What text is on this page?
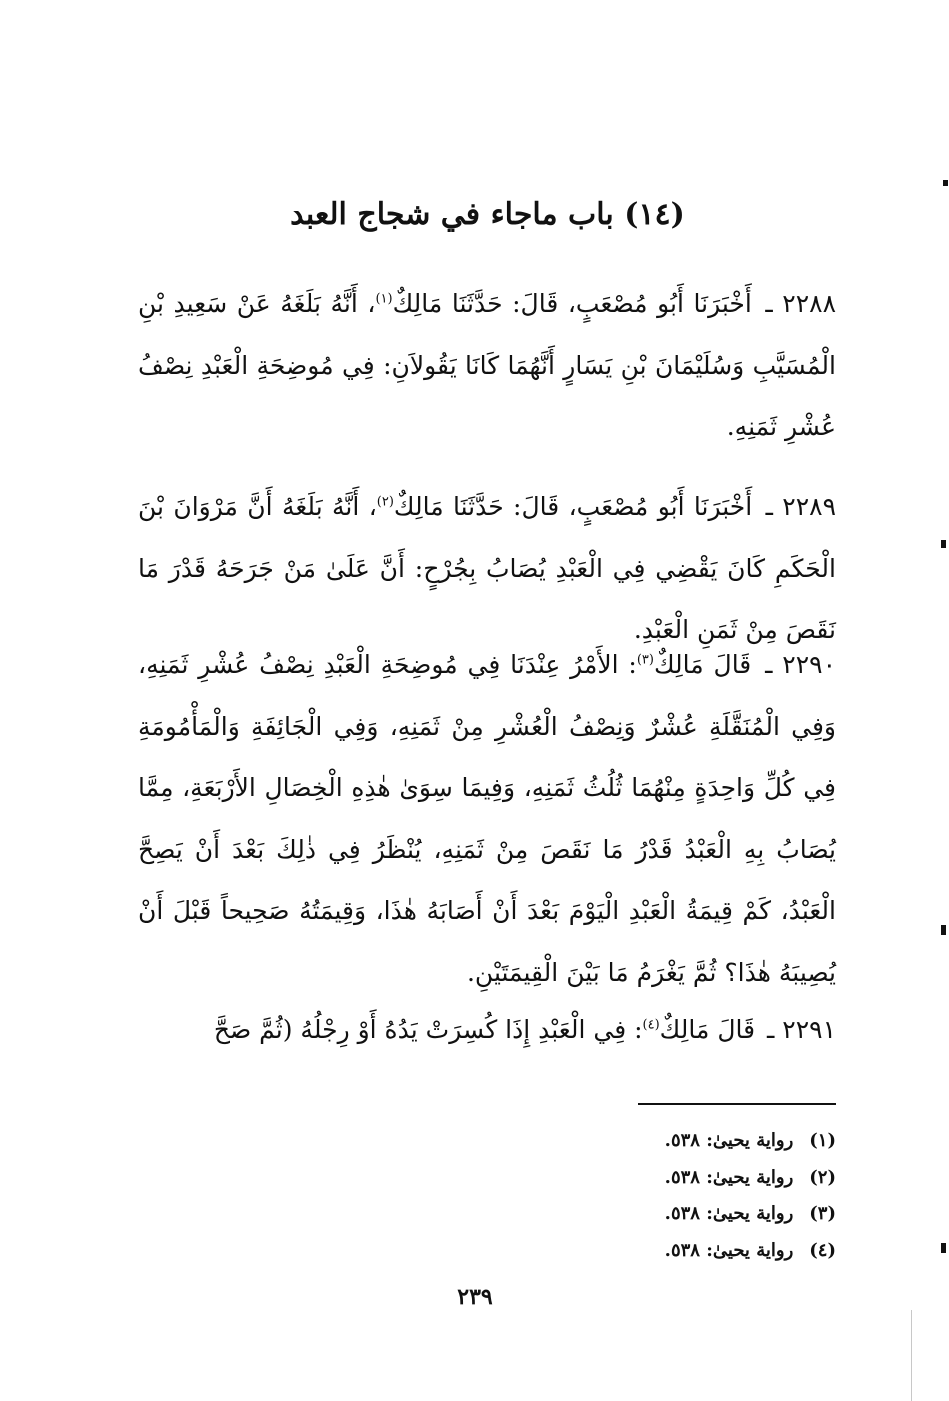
(١٤) باب ماجاء في شجاج العبد

٢٢٨٨ ـ أَخْبَرَنَا أَبُو مُصْعَبٍ، قَالَ: حَدَّثَنَا مَالِكٌ$^{(١)}$، أَنَّهُ بَلَغَهُ عَنْ سَعِيدِ بْنِ الْمُسَيَّبِ وَسُلَيْمَانَ بْنِ يَسَارٍ أَنَّهُمَا كَانَا يَقُولاَنِ: فِي مُوضِحَةِ الْعَبْدِ نِصْفُ عُشْرِ ثَمَنِهِ.

٢٢٨٩ ـ أَخْبَرَنَا أَبُو مُصْعَبٍ، قَالَ: حَدَّثَنَا مَالِكٌ$^{(٢)}$، أَنَّهُ بَلَغَهُ أَنَّ مَرْوَانَ بْنَ الْحَكَمِ كَانَ يَقْضِي فِي الْعَبْدِ يُصَابُ بِجُرْحٍ: أَنَّ عَلَىٰ مَنْ جَرَحَهُ قَدْرَ مَا نَقَصَ مِنْ ثَمَنِ الْعَبْدِ.

٢٢٩٠ ـ قَالَ مَالِكٌ$^{(٣)}$: الأَمْرُ عِنْدَنَا فِي مُوضِحَةِ الْعَبْدِ نِصْفُ عُشْرِ ثَمَنِهِ، وَفِي الْمُنَقَّلَةِ عُشْرٌ وَنِصْفُ الْعُشْرِ مِنْ ثَمَنِهِ، وَفِي الْجَائِفَةِ وَالْمَأْمُومَةِ فِي كُلِّ وَاحِدَةٍ مِنْهُمَا ثُلُثُ ثَمَنِهِ، وَفِيمَا سِوَىٰ هٰذِهِ الْخِصَالِ الأَرْبَعَةِ، مِمَّا يُصَابُ بِهِ الْعَبْدُ قَدْرُ مَا نَقَصَ مِنْ ثَمَنِهِ، يُنْظَرُ فِي ذٰلِكَ بَعْدَ أَنْ يَصِحَّ الْعَبْدُ، كَمْ قِيمَةُ الْعَبْدِ الْيَوْمَ بَعْدَ أَنْ أَصَابَهُ هٰذَا، وَقِيمَتُهُ صَحِيحاً قَبْلَ أَنْ يُصِيبَهُ هٰذَا؟ ثُمَّ يَغْرَمُ مَا بَيْنَ الْقِيمَتَيْنِ.

٢٢٩١ ـ قَالَ مَالِكٌ$^{(٤)}$: فِي الْعَبْدِ إِذَا كُسِرَتْ يَدُهُ أَوْ رِجْلُهُ (ثُمَّ صَحَّ

(١)رواية يحيىٰ: ٥٣٨.
(٢)رواية يحيىٰ: ٥٣٨.
(٣)رواية يحيىٰ: ٥٣٨.
(٤)رواية يحيىٰ: ٥٣٨.
٢٣٩
